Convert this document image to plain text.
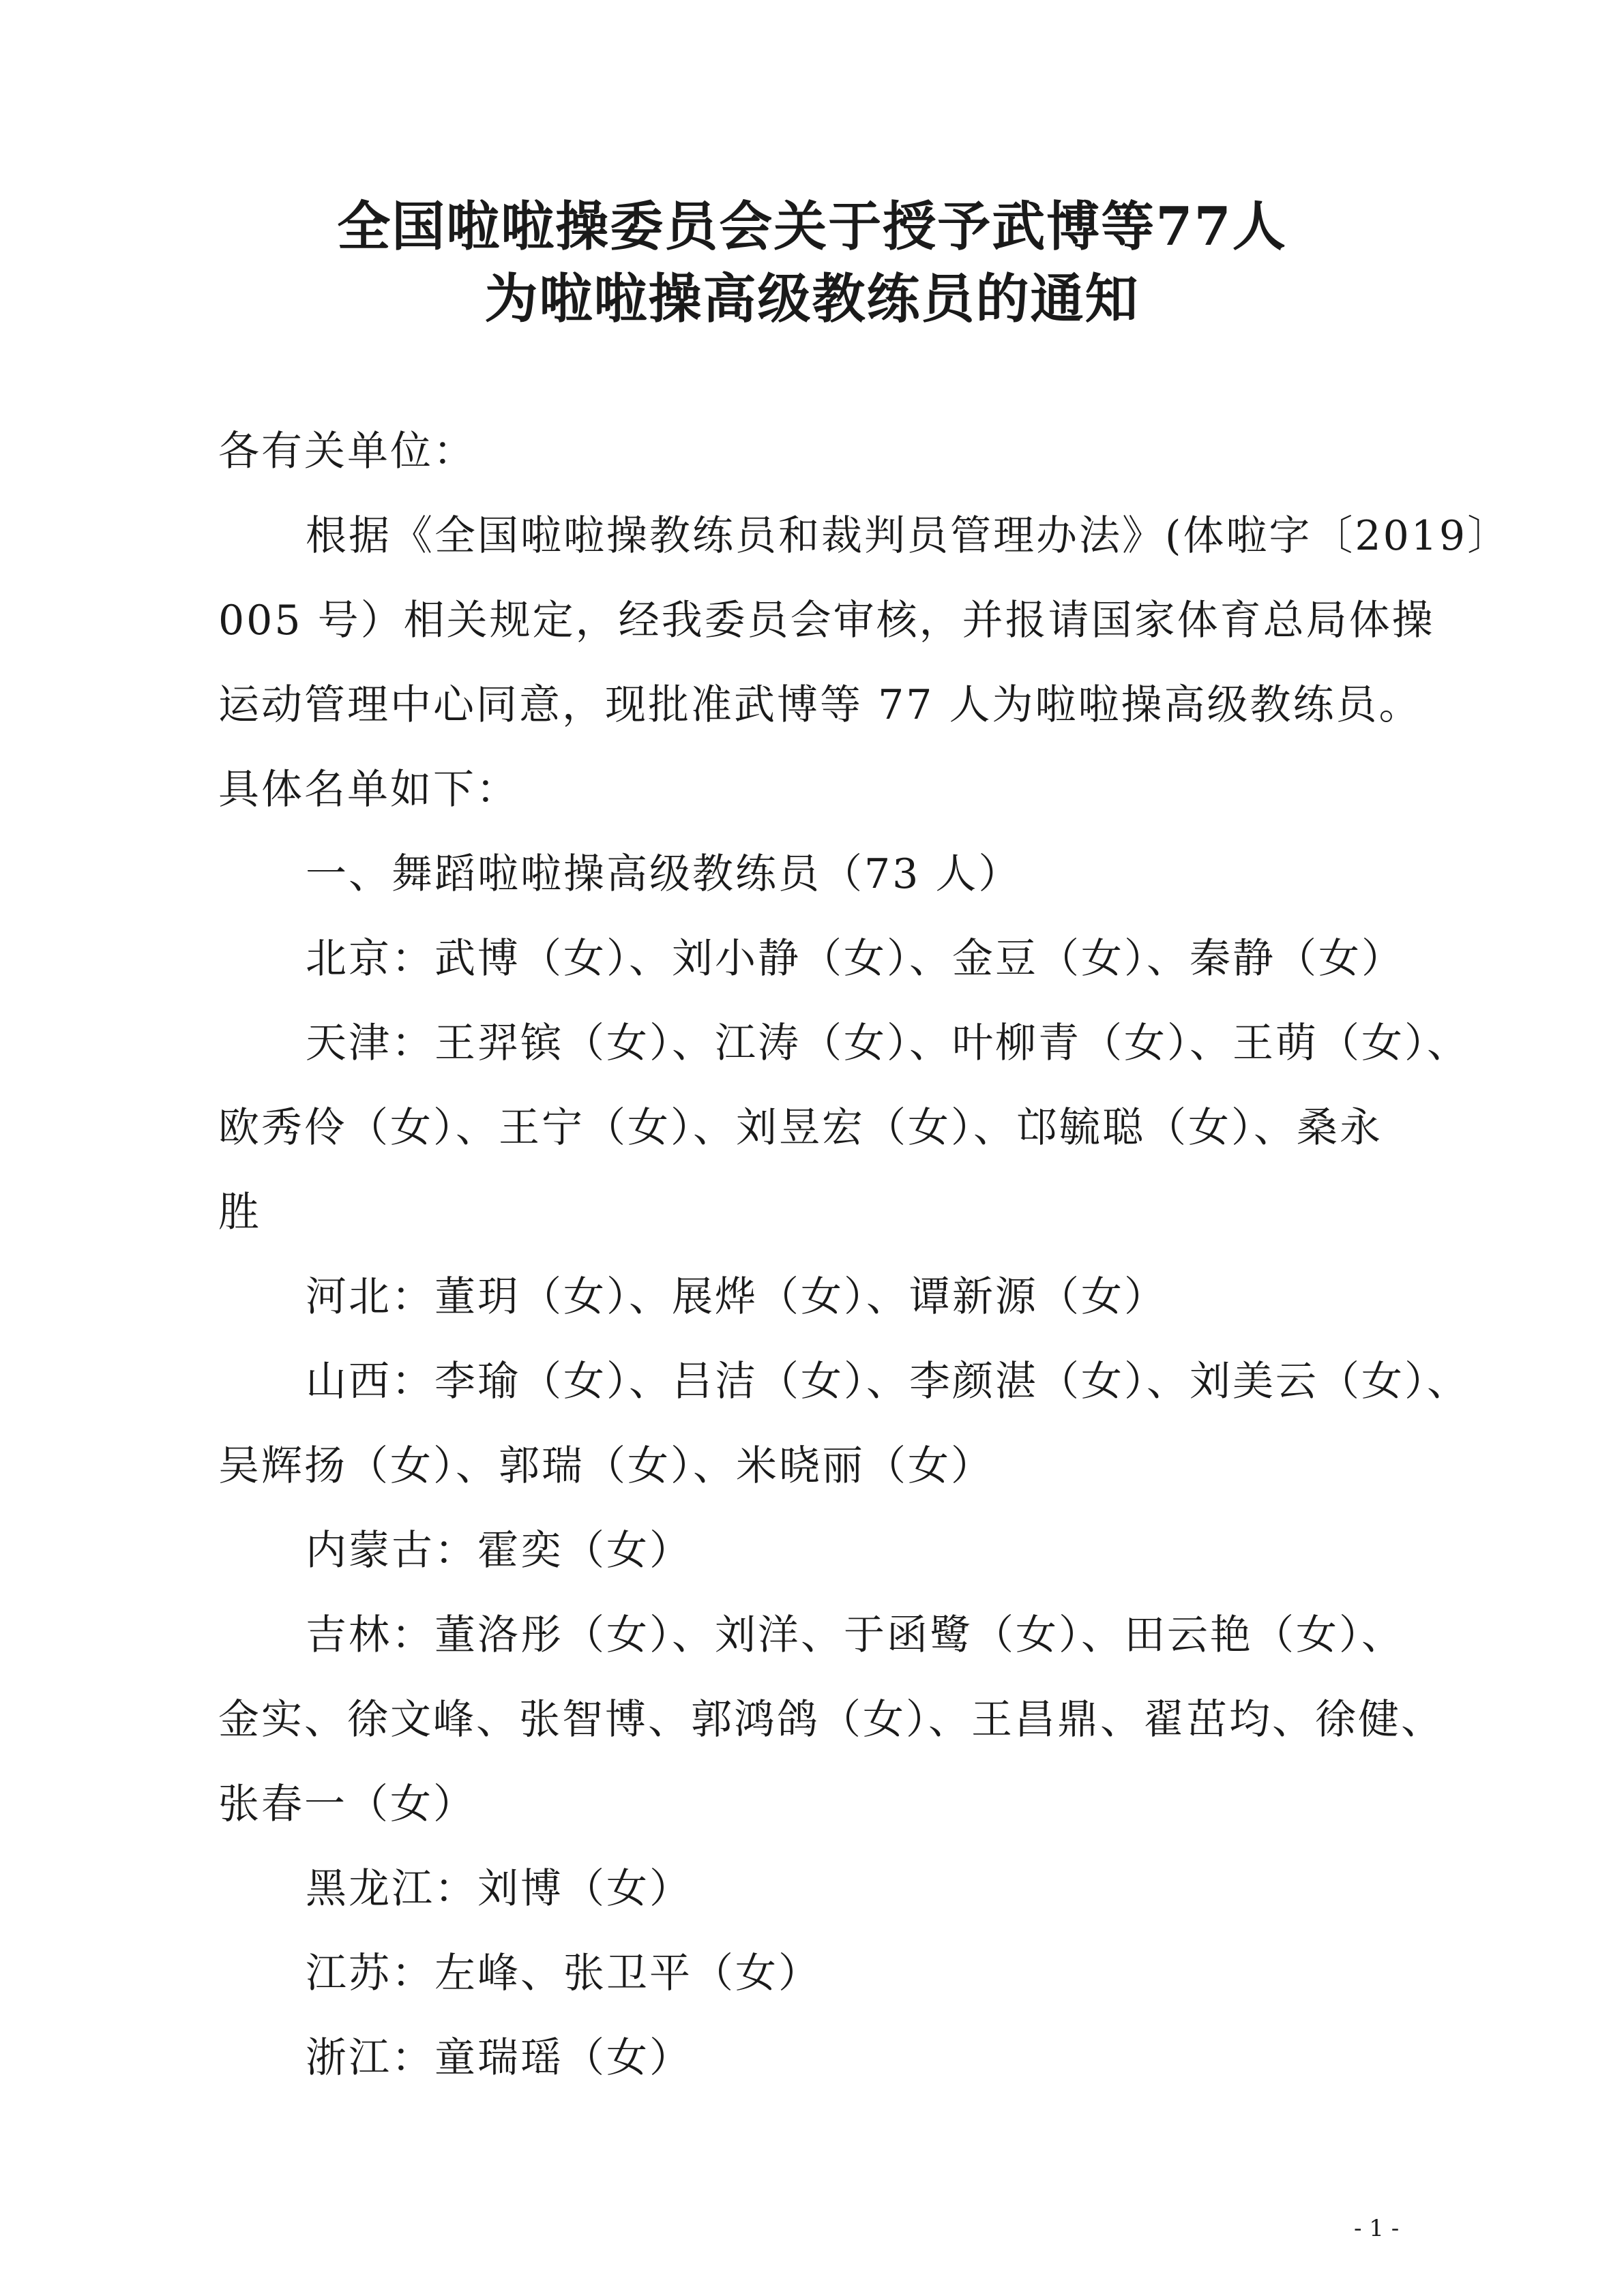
全国啦啦操委员会关于授予武博等77人
为啦啦操高级教练员的通知
各有关单位：
根据《全国啦啦操教练员和裁判员管理办法》(体啦字〔2019〕
005 号）相关规定，经我委员会审核，并报请国家体育总局体操
运动管理中心同意，现批准武博等 77 人为啦啦操高级教练员。
具体名单如下：
一、舞蹈啦啦操高级教练员（73 人）
北京：武博（女）、刘小静（女）、金豆（女）、秦静（女）
天津：王羿镔（女）、江涛（女）、叶柳青（女）、王萌（女）、
欧秀伶（女）、王宁（女）、刘昱宏（女）、邙毓聪（女）、桑永
胜
河北：董玥（女）、展烨（女）、谭新源（女）
山西：李瑜（女）、吕洁（女）、李颜湛（女）、刘美云（女）、
吴辉扬（女）、郭瑞（女）、米晓丽（女）
内蒙古：霍奕（女）
吉林：董洛彤（女）、刘洋、于函鹭（女）、田云艳（女）、
金实、徐文峰、张智博、郭鸿鸽（女）、王昌鼎、翟茁均、徐健、
张春一（女）
黑龙江：刘博（女）
江苏：左峰、张卫平（女）
浙江：童瑞瑶（女）
- 1 -
